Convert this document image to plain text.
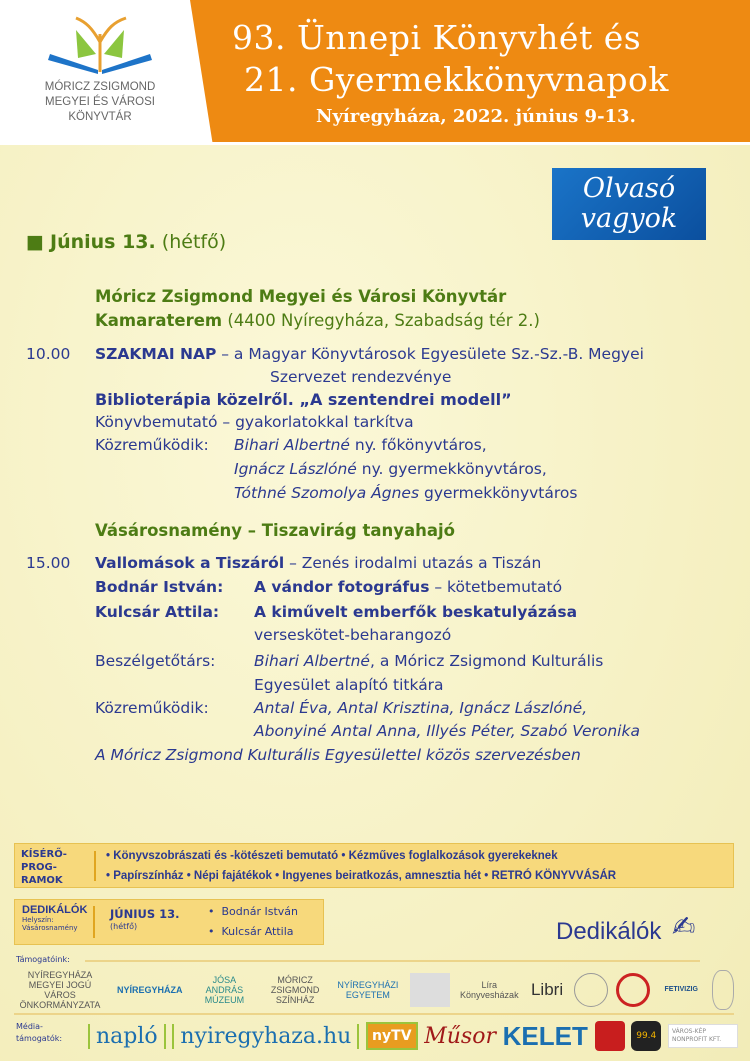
MÓRICZ ZSIGMOND
MEGYEI ÉS VÁROSI
KÖNYVTÁR
93. Ünnepi Könyvhét és
21. Gyermekkönyvnapok
Nyíregyháza, 2022. június 9-13.
Olvasó
vagyok
■ Június 13. (hétfő)
Móricz Zsigmond Megyei és Városi Könyvtár
Kamaraterem (4400 Nyíregyháza, Szabadság tér 2.)
10.00 SZAKMAI NAP – a Magyar Könyvtárosok Egyesülete Sz.-Sz.-B. Megyei
Szervezet rendezvénye
Biblioterápia közelről. „A szentendrei modell”
Könyvbemutató – gyakorlatokkal tarkítva
Közreműködik: Bihari Albertné ny. főkönyvtáros,
Ignácz Lászlóné ny. gyermekkönyvtáros,
Tóthné Szomolya Ágnes gyermekkönyvtáros
Vásárosnamény – Tiszavirág tanyahajó
15.00 Vallomások a Tiszáról – Zenés irodalmi utazás a Tiszán
Bodnár István: A vándor fotográfus – kötetbemutató
Kulcsár Attila: A kiművelt emberfők beskatulyázása
verseskötet-beharangozó
Beszélgetőtárs: Bihari Albertné, a Móricz Zsigmond Kulturális
Egyesület alapító titkára
Közreműködik:	Antal Éva, Antal Krisztina, Ignácz Lászlóné,
Abonyiné Antal Anna, Illyés Péter, Szabó Veronika
A Móricz Zsigmond Kulturális Egyesülettel közös szervezésben
KÍSÉRŐ-
PROG-
RAMOK
• Könyvszobrászati és -kötészeti bemutató • Kézműves foglalkozások gyerekeknek
• Papírszínház • Népi fajátékok • Ingyenes beiratkozás, amnesztia hét • RETRÓ KÖNYVVÁSÁR
DEDIKÁLÓK
Helyszín:
Vásárosnamény
JÚNIUS 13.
(hétfő)
•  Bodnár István
•  Kulcsár Attila	Dedikálók ✍
Támogatóink:
NYÍREGYHÁZA MEGYEI JOGÚ VÁROS ÖNKORMÁNYZATA
NYÍREGYHÁZA
JÓSA ANDRÁS MÚZEUM
MÓRICZ ZSIGMOND SZÍNHÁZ
NYÍREGYHÁZI EGYETEM
Líra Könyvesházak Libri	FETIVIZIG
Média-
támogatók:	napló	nyiregyhaza.hu	nyTV Műsor KELET	99.4	VÁROS-KÉP NONPROFIT KFT.
